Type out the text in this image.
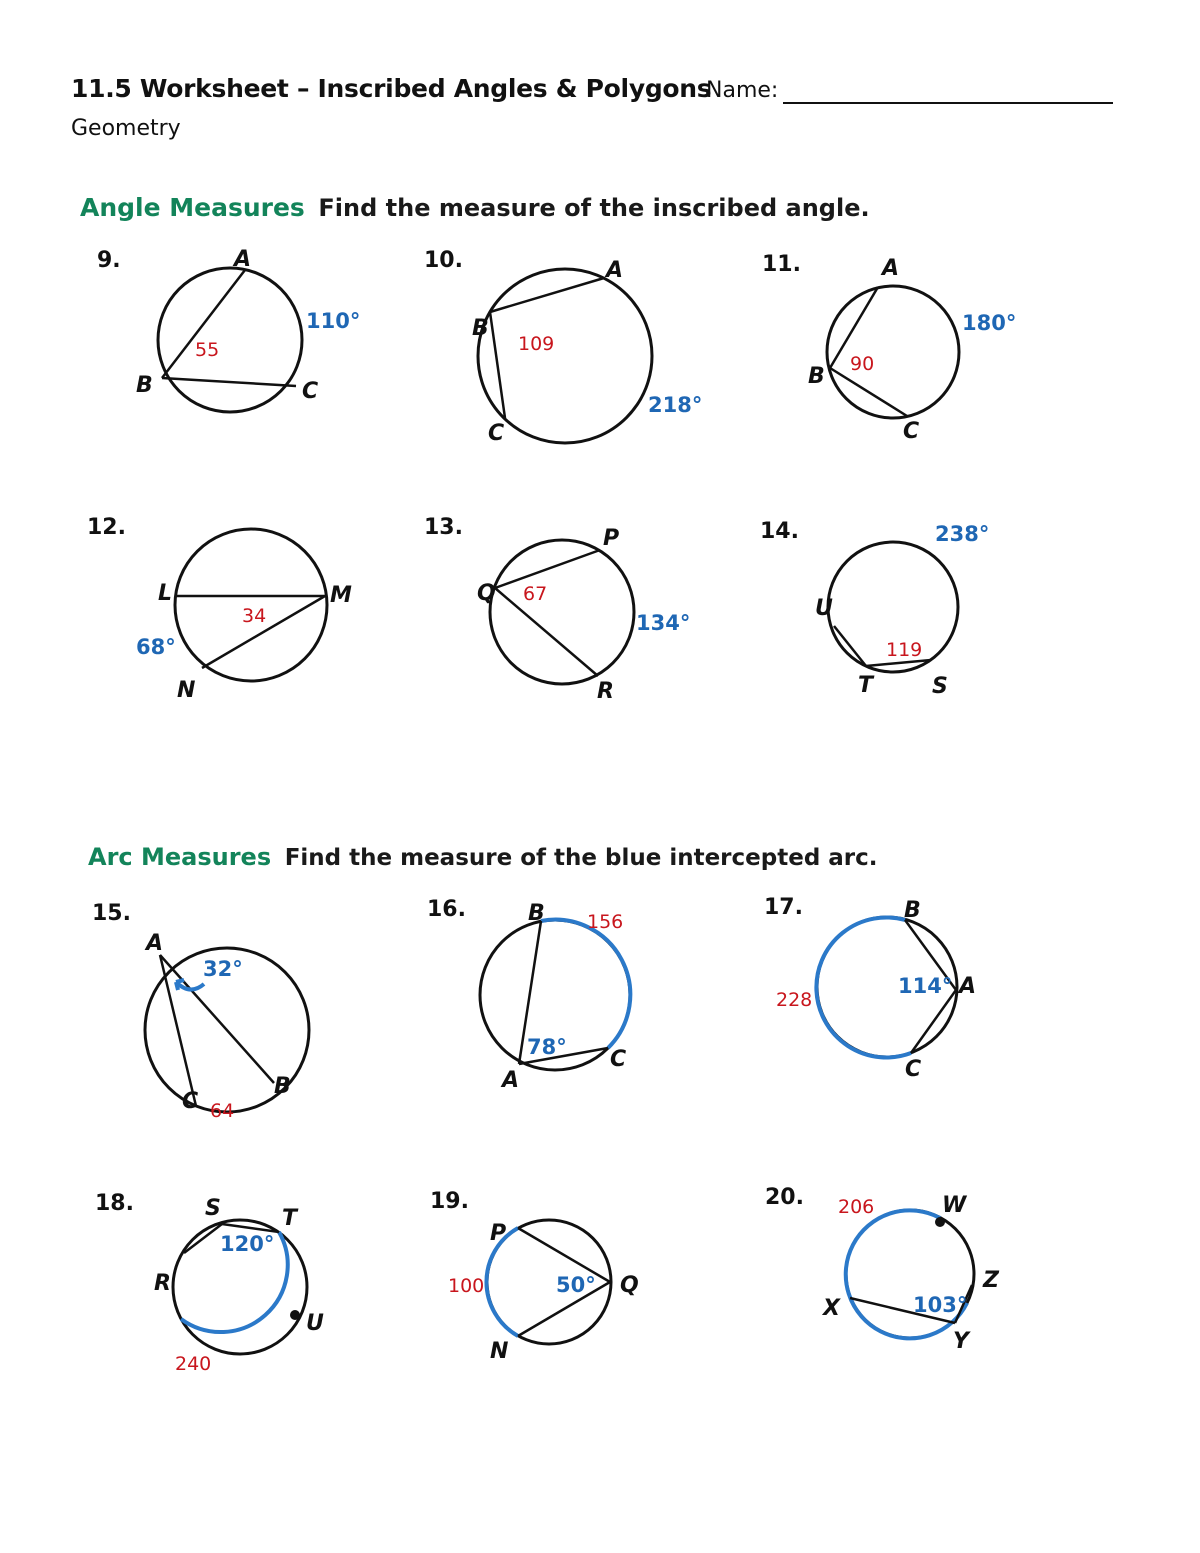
11.5 Worksheet – Inscribed Angles & Polygons
Name:
Geometry
Angle Measures Find the measure of the inscribed angle.
9.	10.	11.
12.	13.	14.
A
B	C
110°
55
A
B
C
218°
109
A
B
C
180°
90
L	M
N
68°
34
P
Q
R
134°
67
U
T	S
238°
119
Arc Measures Find the measure of the blue intercepted arc.
15.	16.	17.
18.	19.	20.
A
B
C
32°
64
B
A
C
78°
156	B
A
C
114°
228
S	T
R
U
120°
240
P
Q
N
50°
100
W
Z
X
Y
103°
206
